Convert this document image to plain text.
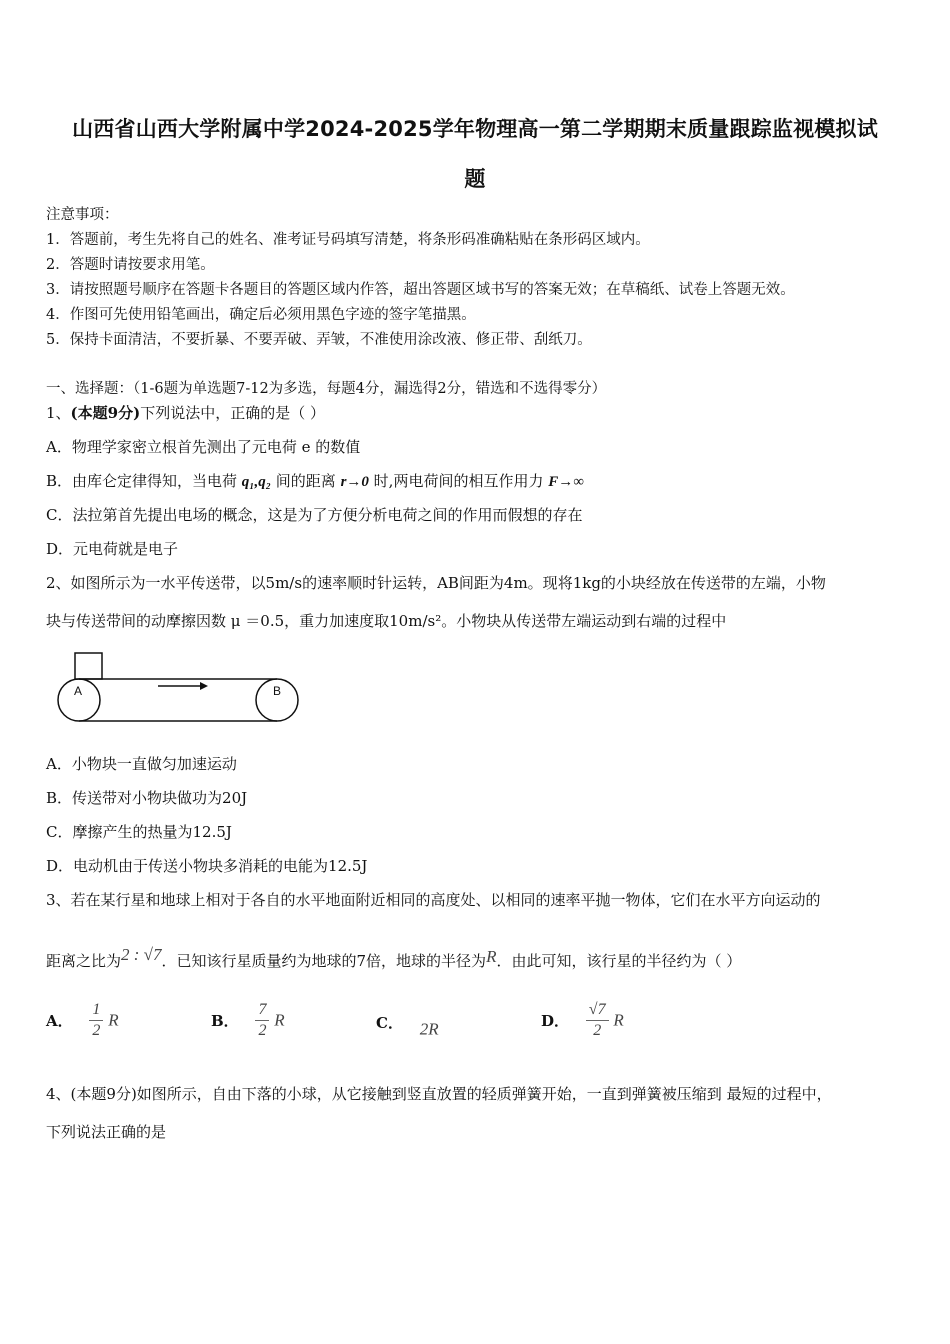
山西省山西大学附属中学2024-2025学年物理高一第二学期期末质量跟踪监视模拟试
题
注意事项：
1．答题前，考生先将自己的姓名、准考证号码填写清楚，将条形码准确粘贴在条形码区域内。
2．答题时请按要求用笔。
3．请按照题号顺序在答题卡各题目的答题区域内作答，超出答题区域书写的答案无效；在草稿纸、试卷上答题无效。
4．作图可先使用铅笔画出，确定后必须用黑色字迹的签字笔描黑。
5．保持卡面清洁，不要折暴、不要弄破、弄皱，不准使用涂改液、修正带、刮纸刀。
一、选择题：（1-6题为单选题7-12为多选，每题4分，漏选得2分，错选和不选得零分）
1、(本题9分)下列说法中，正确的是（ ）
A．物理学家密立根首先测出了元电荷 e 的数值
B．由库仑定律得知，当电荷 q₁,q₂ 间的距离 r→0 时,两电荷间的相互作用力 F→∞
C．法拉第首先提出电场的概念，这是为了方便分析电荷之间的作用而假想的存在
D．元电荷就是电子
2、如图所示为一水平传送带，以5m/s的速率顺时针运转，AB间距为4m。现将1kg的小块经放在传送带的左端，小物
块与传送带间的动摩擦因数 μ ＝0.5，重力加速度取10m/s²。小物块从传送带左端运动到右端的过程中
A	B
A．小物块一直做匀加速运动
B．传送带对小物块做功为20J
C．摩擦产生的热量为12.5J
D．电动机由于传送小物块多消耗的电能为12.5J
3、若在某行星和地球上相对于各自的水平地面附近相同的高度处、以相同的速率平抛一物体，它们在水平方向运动的
距离之比为2 : √7．已知该行星质量约为地球的7倍，地球的半径为R．由此可知，该行星的半径约为（ ）
A． $\frac{1}{2}$ R	B． $\frac{7}{2}$ R	C． 2R	D． $\frac{√7}{2}$ R
4、(本题9分)如图所示，自由下落的小球，从它接触到竖直放置的轻质弹簧开始，一直到弹簧被压缩到 最短的过程中，
下列说法正确的是
